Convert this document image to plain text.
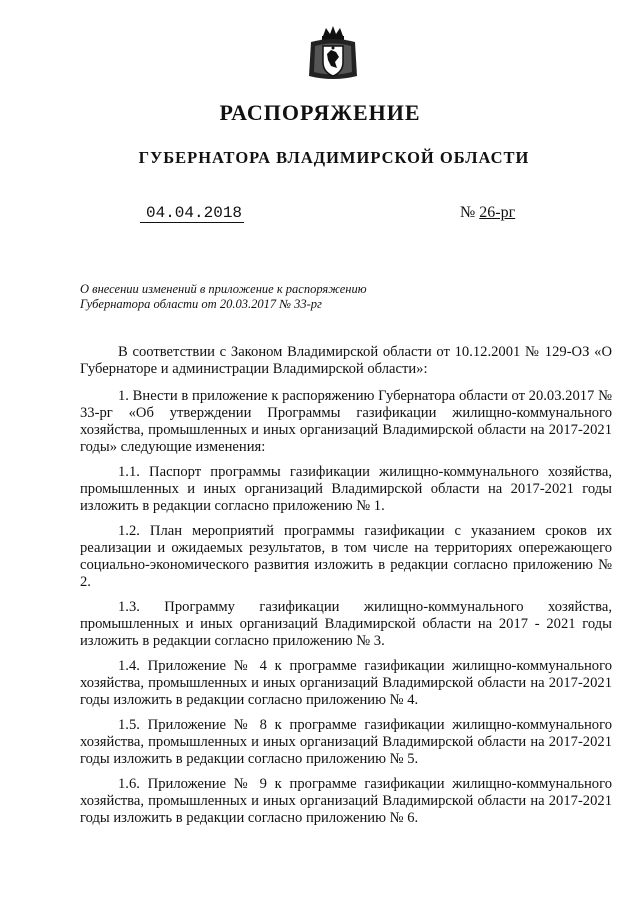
РАСПОРЯЖЕНИЕ
ГУБЕРНАТОРА ВЛАДИМИРСКОЙ ОБЛАСТИ
04.04.2018	№ 26-рг
О внесении изменений в приложение к распоряжению Губернатора области от 20.03.2017 № 33-рг

В соответствии с Законом Владимирской области от 10.12.2001 № 129-ОЗ «О Губернаторе и администрации Владимирской области»:

1. Внести в приложение к распоряжению Губернатора области от 20.03.2017 № 33-рг «Об утверждении Программы газификации жилищно-коммунального хозяйства, промышленных и иных организаций Владимирской области на 2017-2021 годы» следующие изменения:

1.1. Паспорт программы газификации жилищно-коммунального хозяйства, промышленных и иных организаций Владимирской области на 2017-2021 годы изложить в редакции согласно приложению № 1.

1.2. План мероприятий программы газификации с указанием сроков их реализации и ожидаемых результатов, в том числе на территориях опережающего социально-экономического развития изложить в редакции согласно приложению № 2.

1.3. Программу газификации жилищно-коммунального хозяйства, промышленных и иных организаций Владимирской области на 2017 - 2021 годы изложить в редакции согласно приложению № 3.

1.4. Приложение № 4 к программе газификации жилищно-коммунального хозяйства, промышленных и иных организаций Владимирской области на 2017-2021 годы изложить в редакции согласно приложению № 4.

1.5. Приложение № 8 к программе газификации жилищно-коммунального хозяйства, промышленных и иных организаций Владимирской области на 2017-2021 годы изложить в редакции согласно приложению № 5.

1.6. Приложение № 9 к программе газификации жилищно-коммунального хозяйства, промышленных и иных организаций Владимирской области на 2017-2021 годы изложить в редакции согласно приложению № 6.
